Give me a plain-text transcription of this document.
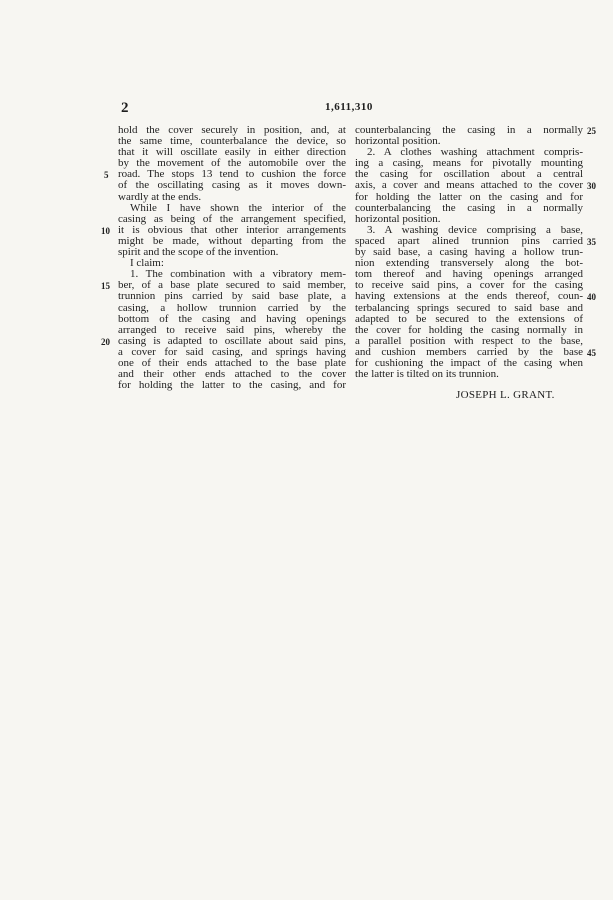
2	1,611,310
hold the cover securely in position, and, at
the same time, counterbalance the device, so
that it will oscillate easily in either direction
by the movement of the automobile over the
road. The stops 13 tend to cushion the force
of the oscillating casing as it moves down-
wardly at the ends.
While I have shown the interior of the
casing as being of the arrangement specified,
it is obvious that other interior arrangements
might be made, without departing from the
spirit and the scope of the invention.
I claim:
1. The combination with a vibratory mem-
ber, of a base plate secured to said member,
trunnion pins carried by said base plate, a
casing, a hollow trunnion carried by the
bottom of the casing and having openings
arranged to receive said pins, whereby the
casing is adapted to oscillate about said pins,
a cover for said casing, and springs having
one of their ends attached to the base plate
and their other ends attached to the cover
for holding the latter to the casing, and for
counterbalancing the casing in a normally
horizontal position.
2. A clothes washing attachment compris-
ing a casing, means for pivotally mounting
the casing for oscillation about a central
axis, a cover and means attached to the cover
for holding the latter on the casing and for
counterbalancing the casing in a normally
horizontal position.
3. A washing device comprising a base,
spaced apart alined trunnion pins carried
by said base, a casing having a hollow trun-
nion extending transversely along the bot-
tom thereof and having openings arranged
to receive said pins, a cover for the casing
having extensions at the ends thereof, coun-
terbalancing springs secured to said base and
adapted to be secured to the extensions of
the cover for holding the casing normally in
a parallel position with respect to the base,
and cushion members carried by the base
for cushioning the impact of the casing when
the latter is tilted on its trunnion.
5
10
15
20
25
30
35
40
45
JOSEPH L. GRANT.
